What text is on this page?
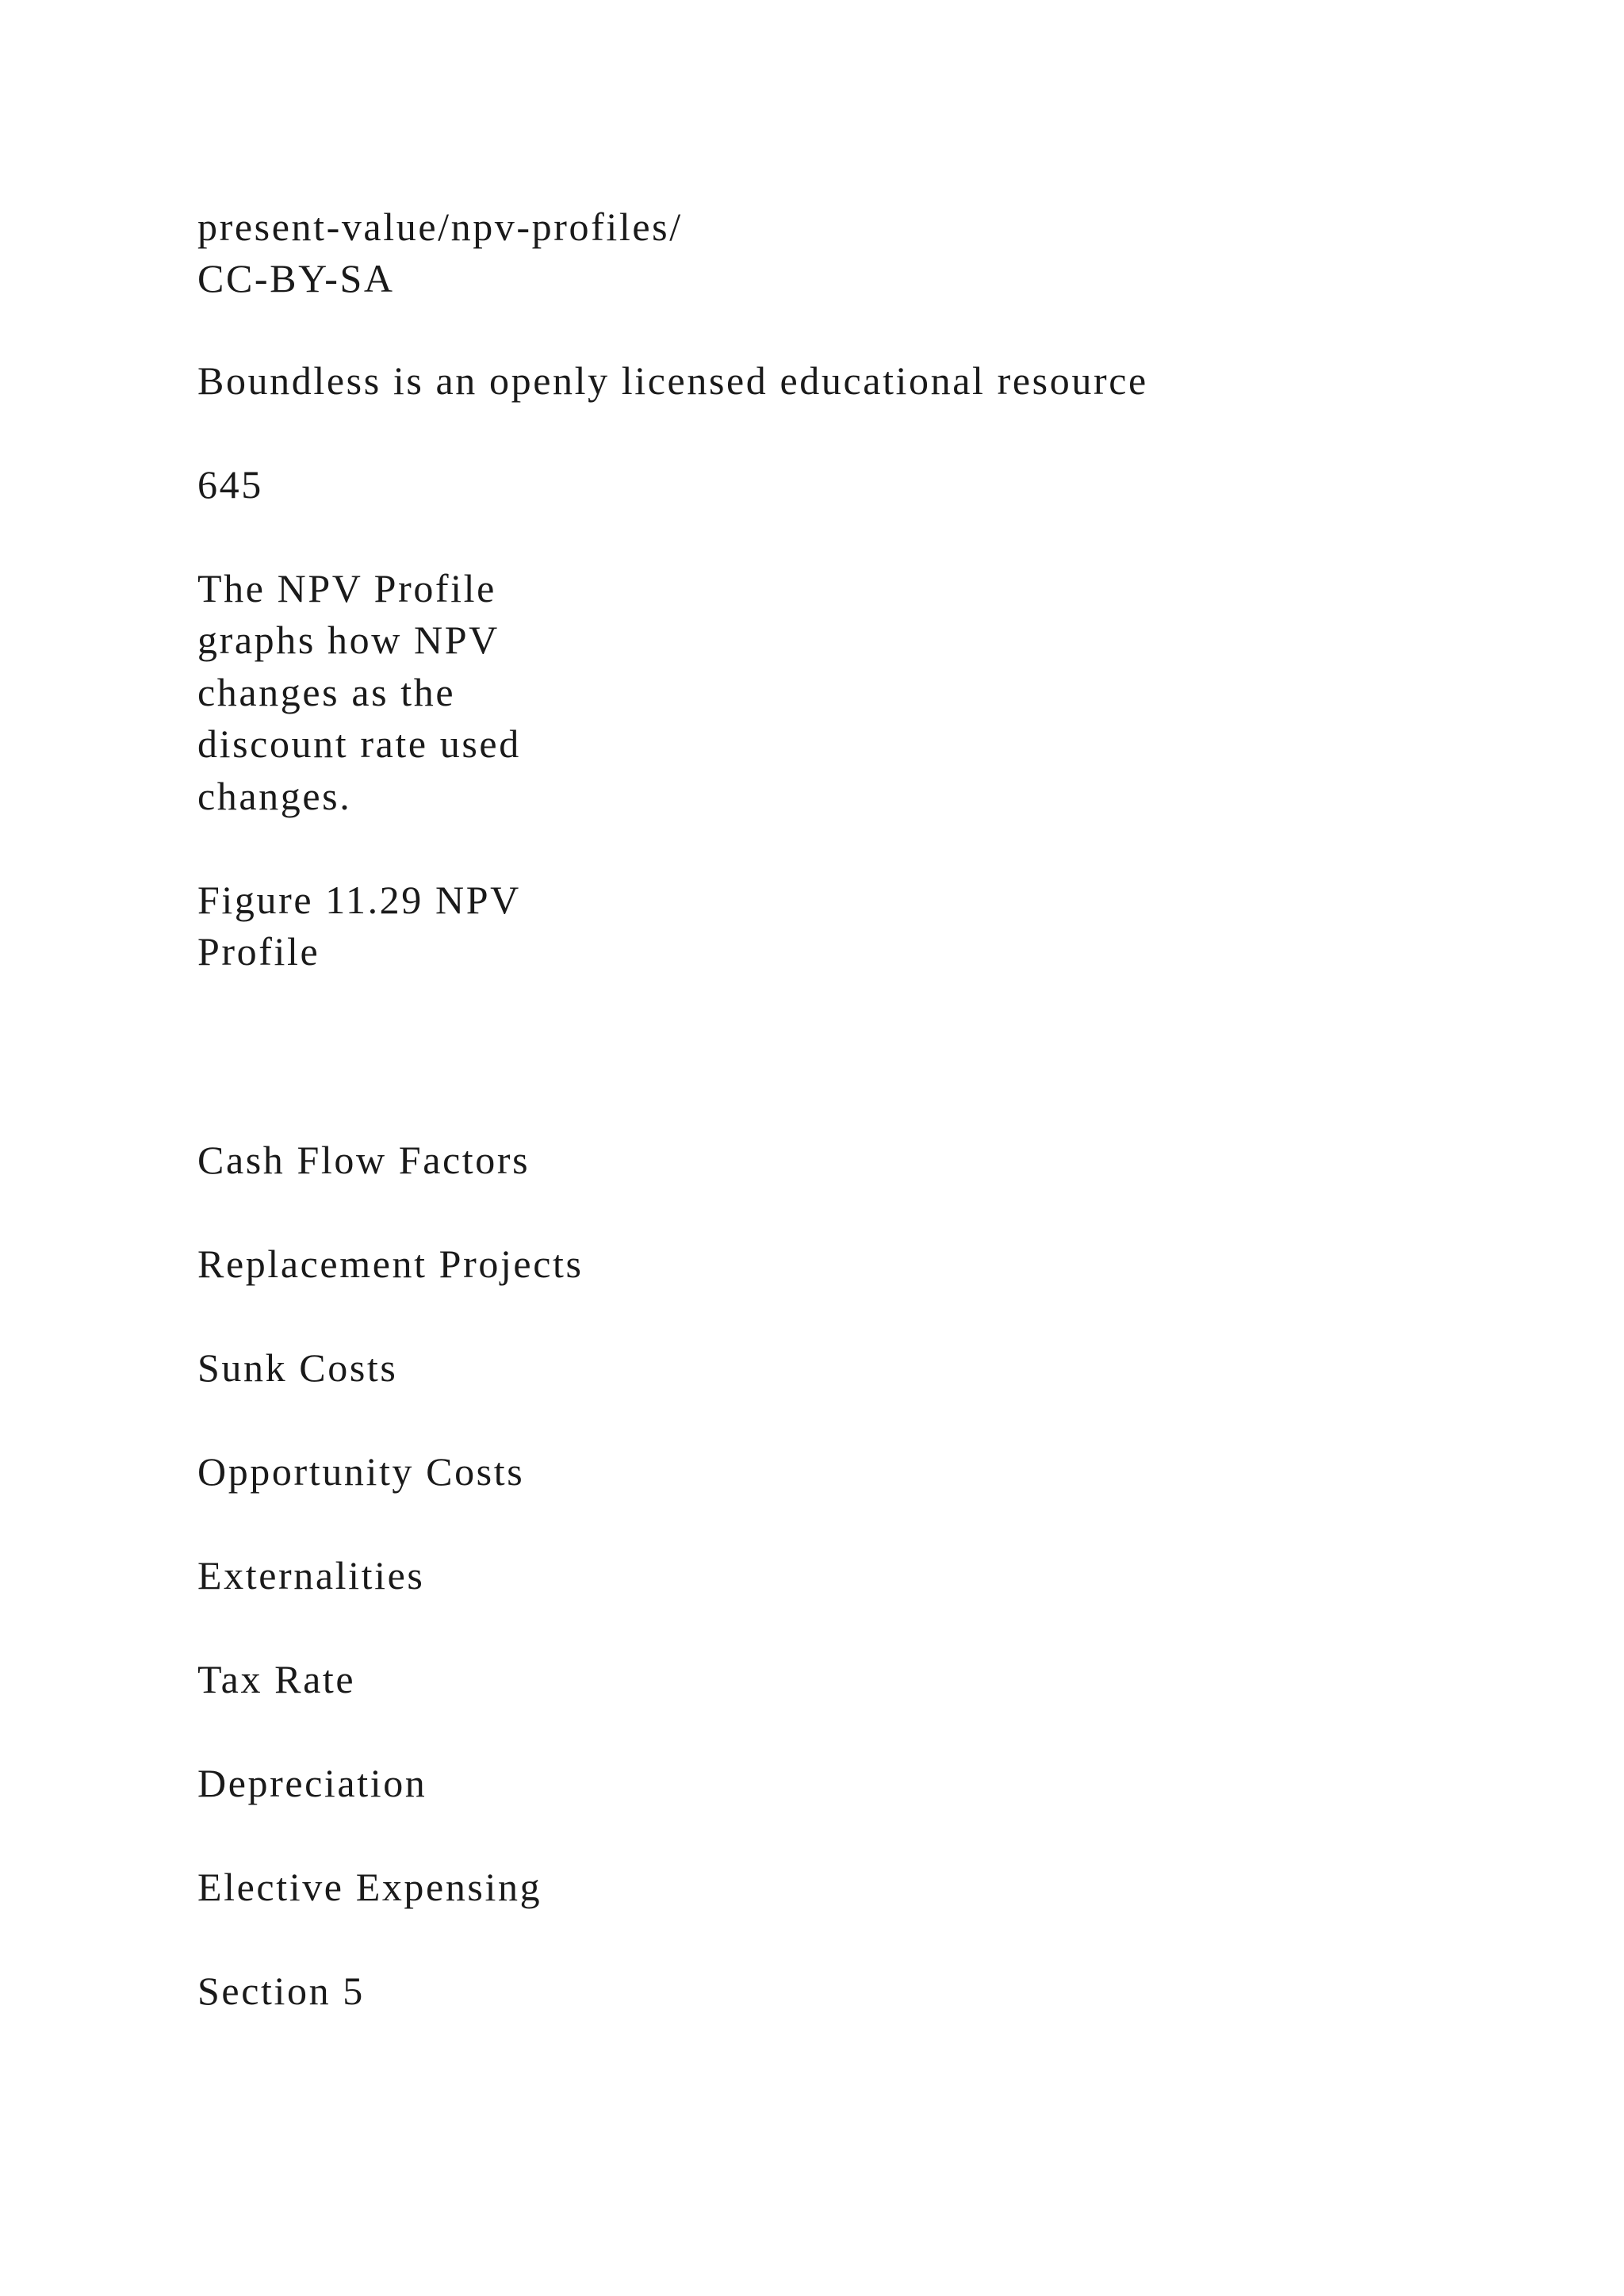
present-value/npv-profiles/

CC-BY-SA

Boundless is an openly licensed educational resource

645

The NPV Profile

graphs how NPV

changes as the

discount rate used

changes.

Figure 11.29 NPV

Profile

Cash Flow Factors

Replacement Projects

Sunk Costs

Opportunity Costs

Externalities

Tax Rate

Depreciation

Elective Expensing

Section 5
